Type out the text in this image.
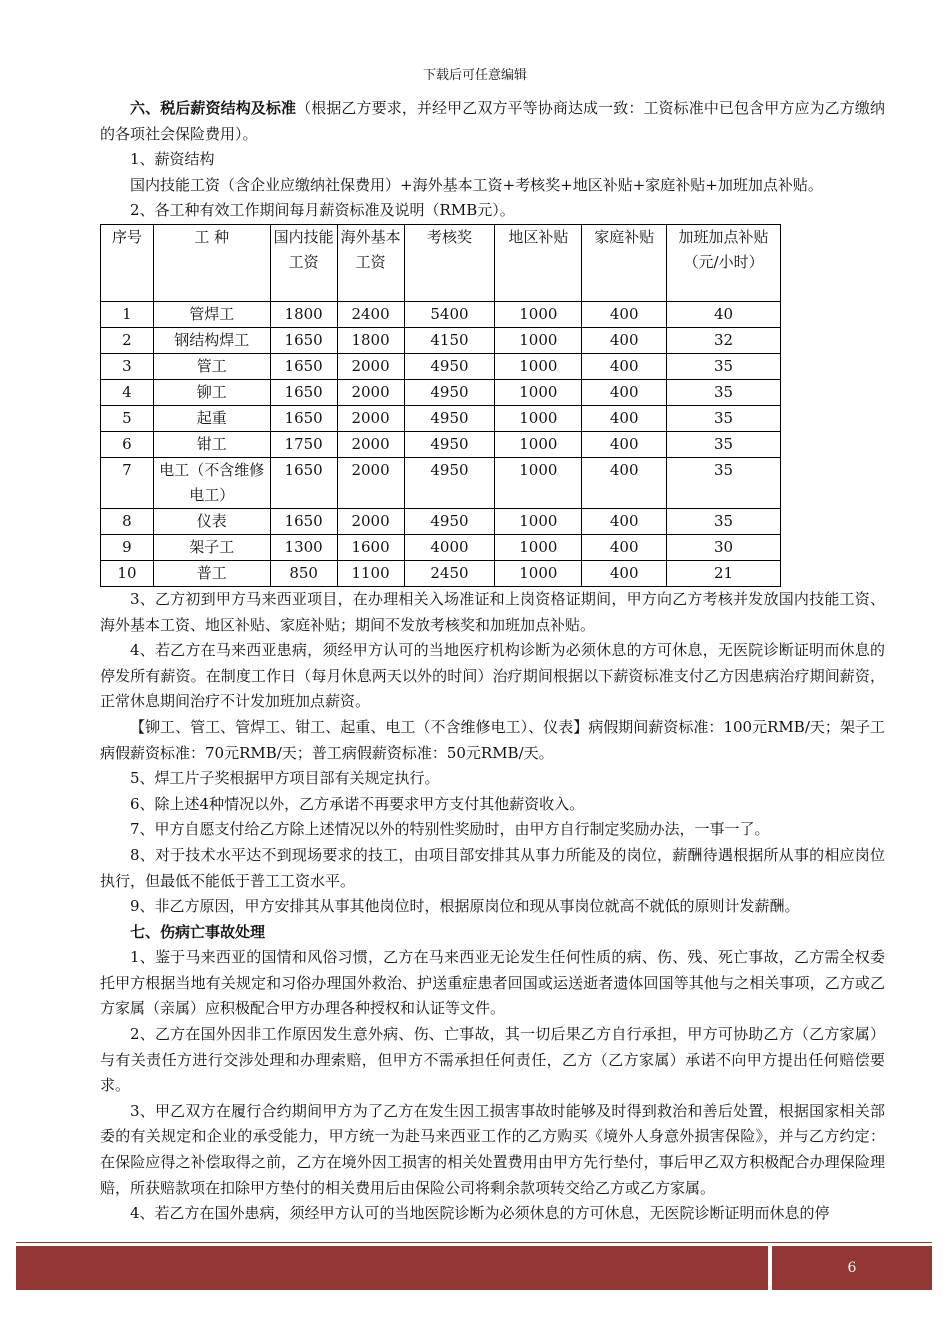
下载后可任意编辑

六、税后薪资结构及标准（根据乙方要求，并经甲乙双方平等协商达成一致：工资标准中已包含甲方应为乙方缴纳的各项社会保险费用）。

1、薪资结构

国内技能工资（含企业应缴纳社保费用）+海外基本工资+考核奖+地区补贴+家庭补贴+加班加点补贴。

2、各工种有效工作期间每月薪资标准及说明（RMB元）。

序号	工 种	国内技能工资	海外基本工资	考核奖	地区补贴	家庭补贴	加班加点补贴（元/小时）
1	管焊工	1800	2400	5400	1000	400	40
2	钢结构焊工	1650	1800	4150	1000	400	32
3	管工	1650	2000	4950	1000	400	35
4	铆工	1650	2000	4950	1000	400	35
5	起重	1650	2000	4950	1000	400	35
6	钳工	1750	2000	4950	1000	400	35
7	电工（不含维修电工）	1650	2000	4950	1000	400	35
8	仪表	1650	2000	4950	1000	400	35
9	架子工	1300	1600	4000	1000	400	30
10	普工	850	1100	2450	1000	400	21

3、乙方初到甲方马来西亚项目，在办理相关入场准证和上岗资格证期间，甲方向乙方考核并发放国内技能工资、海外基本工资、地区补贴、家庭补贴；期间不发放考核奖和加班加点补贴。

4、若乙方在马来西亚患病，须经甲方认可的当地医疗机构诊断为必须休息的方可休息，无医院诊断证明而休息的停发所有薪资。在制度工作日（每月休息两天以外的时间）治疗期间根据以下薪资标准支付乙方因患病治疗期间薪资，正常休息期间治疗不计发加班加点薪资。

【铆工、管工、管焊工、钳工、起重、电工（不含维修电工）、仪表】病假期间薪资标准：100元RMB/天；架子工病假薪资标准：70元RMB/天；普工病假薪资标准：50元RMB/天。

5、焊工片子奖根据甲方项目部有关规定执行。

6、除上述4种情况以外，乙方承诺不再要求甲方支付其他薪资收入。

7、甲方自愿支付给乙方除上述情况以外的特别性奖励时，由甲方自行制定奖励办法，一事一了。

8、对于技术水平达不到现场要求的技工，由项目部安排其从事力所能及的岗位，薪酬待遇根据所从事的相应岗位执行，但最低不能低于普工工资水平。

9、非乙方原因，甲方安排其从事其他岗位时，根据原岗位和现从事岗位就高不就低的原则计发薪酬。

七、伤病亡事故处理

1、鉴于马来西亚的国情和风俗习惯，乙方在马来西亚无论发生任何性质的病、伤、残、死亡事故，乙方需全权委托甲方根据当地有关规定和习俗办理国外救治、护送重症患者回国或运送逝者遗体回国等其他与之相关事项，乙方或乙方家属（亲属）应积极配合甲方办理各种授权和认证等文件。

2、乙方在国外因非工作原因发生意外病、伤、亡事故，其一切后果乙方自行承担，甲方可协助乙方（乙方家属）与有关责任方进行交涉处理和办理索赔，但甲方不需承担任何责任，乙方（乙方家属）承诺不向甲方提出任何赔偿要求。

3、甲乙双方在履行合约期间甲方为了乙方在发生因工损害事故时能够及时得到救治和善后处置，根据国家相关部委的有关规定和企业的承受能力，甲方统一为赴马来西亚工作的乙方购买《境外人身意外损害保险》，并与乙方约定：在保险应得之补偿取得之前，乙方在境外因工损害的相关处置费用由甲方先行垫付，事后甲乙双方积极配合办理保险理赔，所获赔款项在扣除甲方垫付的相关费用后由保险公司将剩余款项转交给乙方或乙方家属。

4、若乙方在国外患病，须经甲方认可的当地医院诊断为必须休息的方可休息，无医院诊断证明而休息的停

6
